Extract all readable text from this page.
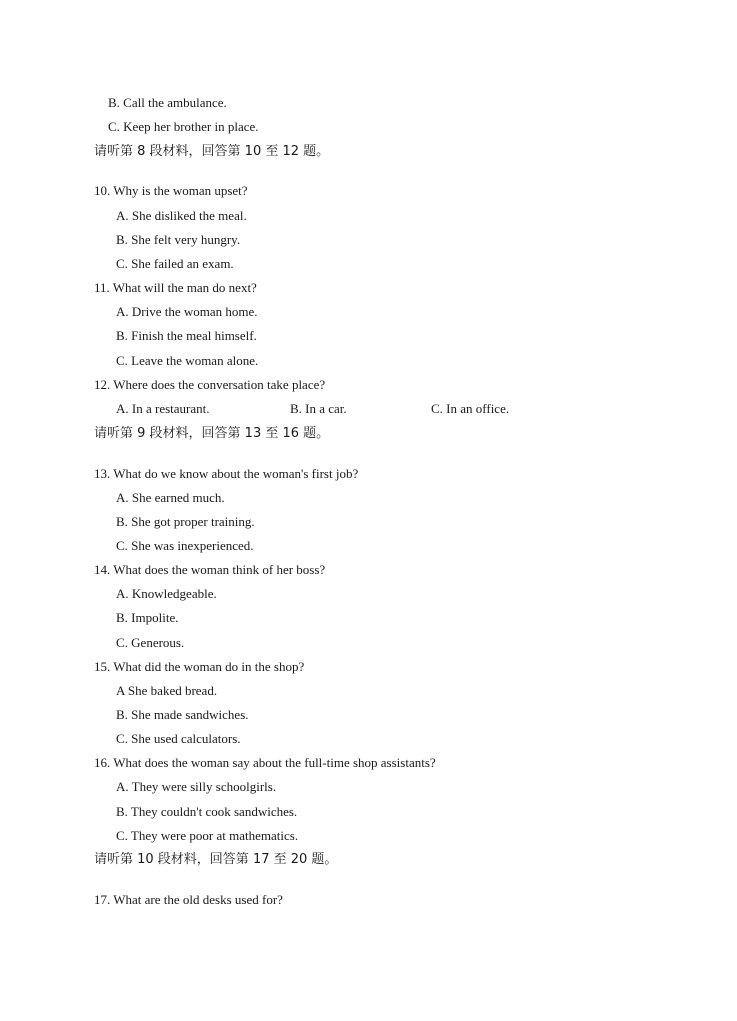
B. Call the ambulance.
C. Keep her brother in place.
请听第 8 段材料，回答第 10 至 12 题。
10. Why is the woman upset?
A. She disliked the meal.
B. She felt very hungry.
C. She failed an exam.
11. What will the man do next?
A. Drive the woman home.
B. Finish the meal himself.
C. Leave the woman alone.
12. Where does the conversation take place?
A. In a restaurant.	B. In a car.	C. In an office.
请听第 9 段材料，回答第 13 至 16 题。
13. What do we know about the woman's first job?
A. She earned much.
B. She got proper training.
C. She was inexperienced.
14. What does the woman think of her boss?
A. Knowledgeable.
B. Impolite.
C. Generous.
15. What did the woman do in the shop?
A She baked bread.
B. She made sandwiches.
C. She used calculators.
16. What does the woman say about the full-time shop assistants?
A. They were silly schoolgirls.
B. They couldn't cook sandwiches.
C. They were poor at mathematics.
请听第 10 段材料，回答第 17 至 20 题。
17. What are the old desks used for?
